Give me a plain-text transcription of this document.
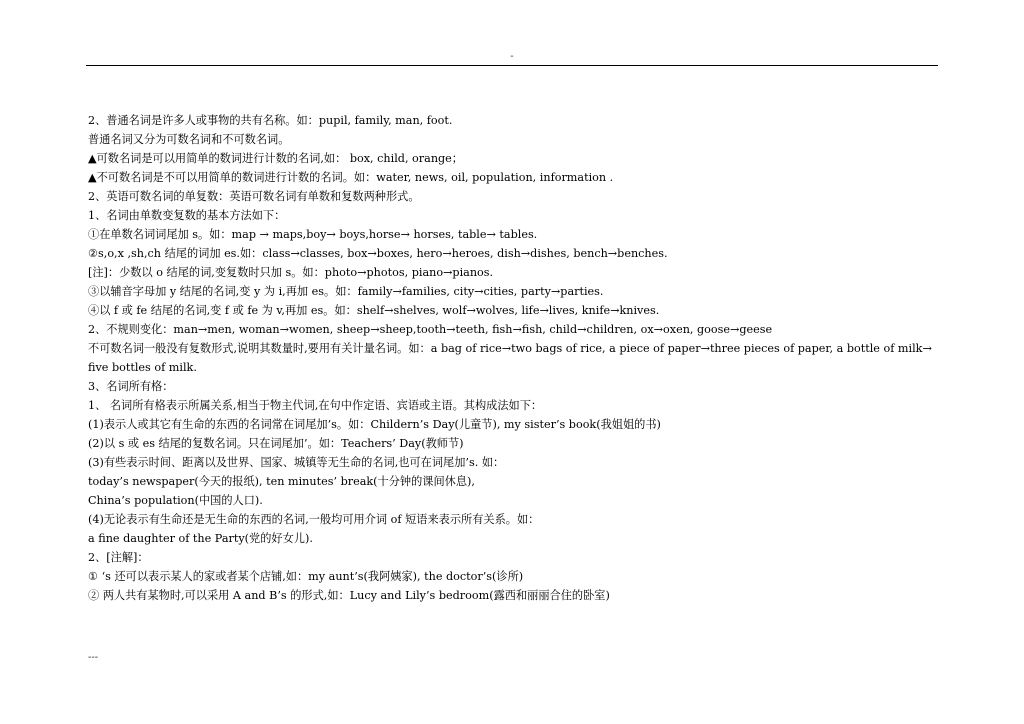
-
2、普通名词是许多人或事物的共有名称。如：pupil, family, man, foot.
普通名词又分为可数名词和不可数名词。
▲可数名词是可以用简单的数词进行计数的名词,如： box, child, orange；
▲不可数名词是不可以用简单的数词进行计数的名词。如：water, news, oil, population, information .
2、英语可数名词的单复数：英语可数名词有单数和复数两种形式。
1、名词由单数变复数的基本方法如下：
①在单数名词词尾加 s。如：map → maps,boy→ boys,horse→ horses, table→ tables.
②s,o,x ,sh,ch 结尾的词加 es.如：class→classes, box→boxes, hero→heroes, dish→dishes, bench→benches.
[注]：少数以 o 结尾的词,变复数时只加 s。如：photo→photos, piano→pianos.
③以辅音字母加 y 结尾的名词,变 y 为 i,再加 es。如：family→families, city→cities, party→parties.
④以 f 或 fe 结尾的名词,变 f 或 fe 为 v,再加 es。如：shelf→shelves, wolf→wolves, life→lives, knife→knives.
2、不规则变化：man→men, woman→women, sheep→sheep,tooth→teeth, fish→fish, child→children, ox→oxen, goose→geese
不可数名词一般没有复数形式,说明其数量时,要用有关计量名词。如：a bag of rice→two bags of rice, a piece of paper→three pieces of paper, a bottle of milk→ five bottles of milk.
3、名词所有格：
1、 名词所有格表示所属关系,相当于物主代词,在句中作定语、宾语或主语。其构成法如下：
(1)表示人或其它有生命的东西的名词常在词尾加’s。如：Childern’s Day(儿童节), my sister’s book(我姐姐的书)
(2)以 s 或 es 结尾的复数名词。只在词尾加’。如：Teachers’ Day(教师节)
(3)有些表示时间、距离以及世界、国家、城镇等无生命的名词,也可在词尾加’s. 如：
today’s newspaper(今天的报纸), ten minutes’ break(十分钟的课间休息),
China’s population(中国的人口).
(4)无论表示有生命还是无生命的东西的名词,一般均可用介词 of 短语来表示所有关系。如：
a fine daughter of the Party(党的好女儿).
2、[注解]：
① ‘s 还可以表示某人的家或者某个店铺,如：my aunt’s(我阿姨家), the doctor’s(诊所)
② 两人共有某物时,可以采用 A and B’s 的形式,如：Lucy and Lily’s bedroom(露西和丽丽合住的卧室)
---
